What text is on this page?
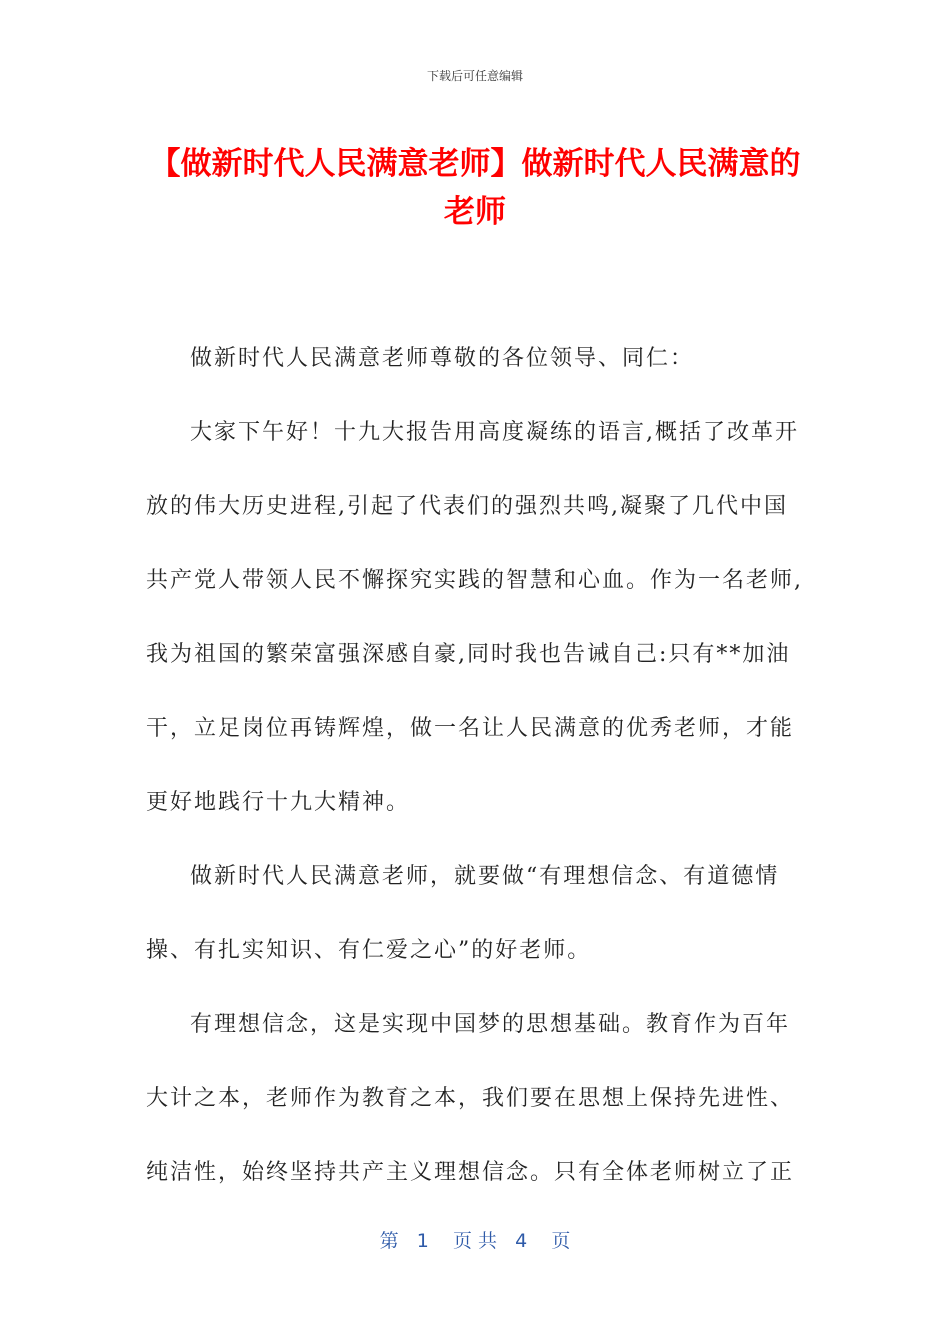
下载后可任意编辑
【做新时代人民满意老师】做新时代人民满意的老师

做新时代人民满意老师尊敬的各位领导、同仁：

大家下午好！十九大报告用高度凝练的语言,概括了改革开放的伟大历史进程,引起了代表们的强烈共鸣,凝聚了几代中国共产党人带领人民不懈探究实践的智慧和心血。作为一名老师,我为祖国的繁荣富强深感自豪,同时我也告诫自己:只有**加油干，立足岗位再铸辉煌，做一名让人民满意的优秀老师，才能更好地践行十九大精神。

做新时代人民满意老师，就要做“有理想信念、有道德情操、有扎实知识、有仁爱之心”的好老师。

有理想信念，这是实现中国梦的思想基础。教育作为百年大计之本，老师作为教育之本，我们要在思想上保持先进性、纯洁性，始终坚持共产主义理想信念。只有全体老师树立了正

第   1    页 共   4    页
